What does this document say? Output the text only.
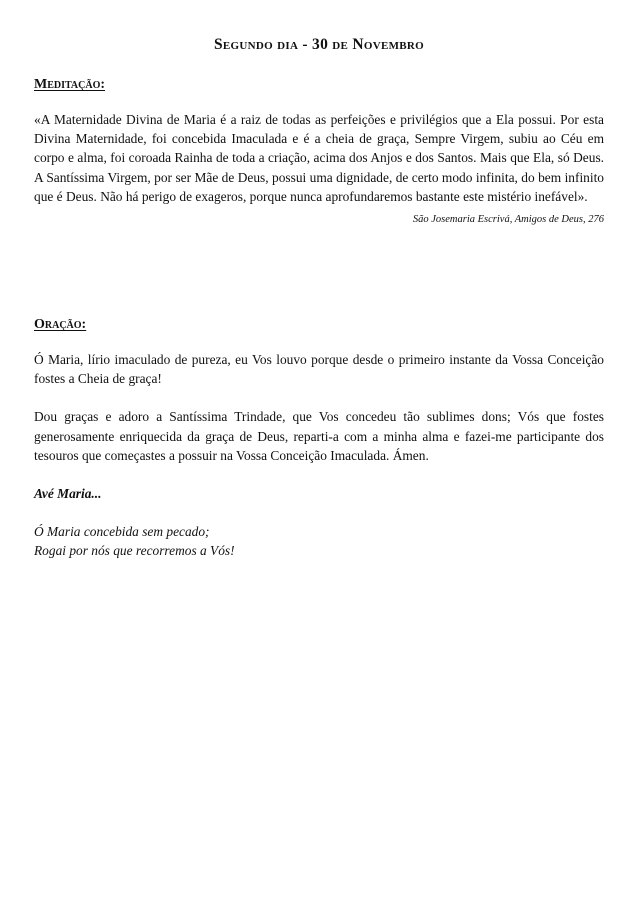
Segundo dia - 30 de Novembro
Meditação:

«A Maternidade Divina de Maria é a raiz de todas as perfeições e privilégios que a Ela possui. Por esta Divina Maternidade, foi concebida Imaculada e é a cheia de graça, Sempre Virgem, subiu ao Céu em corpo e alma, foi coroada Rainha de toda a criação, acima dos Anjos e dos Santos. Mais que Ela, só Deus. A Santíssima Virgem, por ser Mãe de Deus, possui uma dignidade, de certo modo infinita, do bem infinito que é Deus. Não há perigo de exageros, porque nunca aprofundaremos bastante este mistério inefável».

São Josemaria Escrivá, Amigos de Deus, 276

Oração:

Ó Maria, lírio imaculado de pureza, eu Vos louvo porque desde o primeiro instante da Vossa Conceição fostes a Cheia de graça!

Dou graças e adoro a Santíssima Trindade, que Vos concedeu tão sublimes dons; Vós que fostes generosamente enriquecida da graça de Deus, reparti-a com a minha alma e fazei-me participante dos tesouros que começastes a possuir na Vossa Conceição Imaculada. Ámen.

Avé Maria...

Ó Maria concebida sem pecado;

Rogai por nós que recorremos a Vós!
